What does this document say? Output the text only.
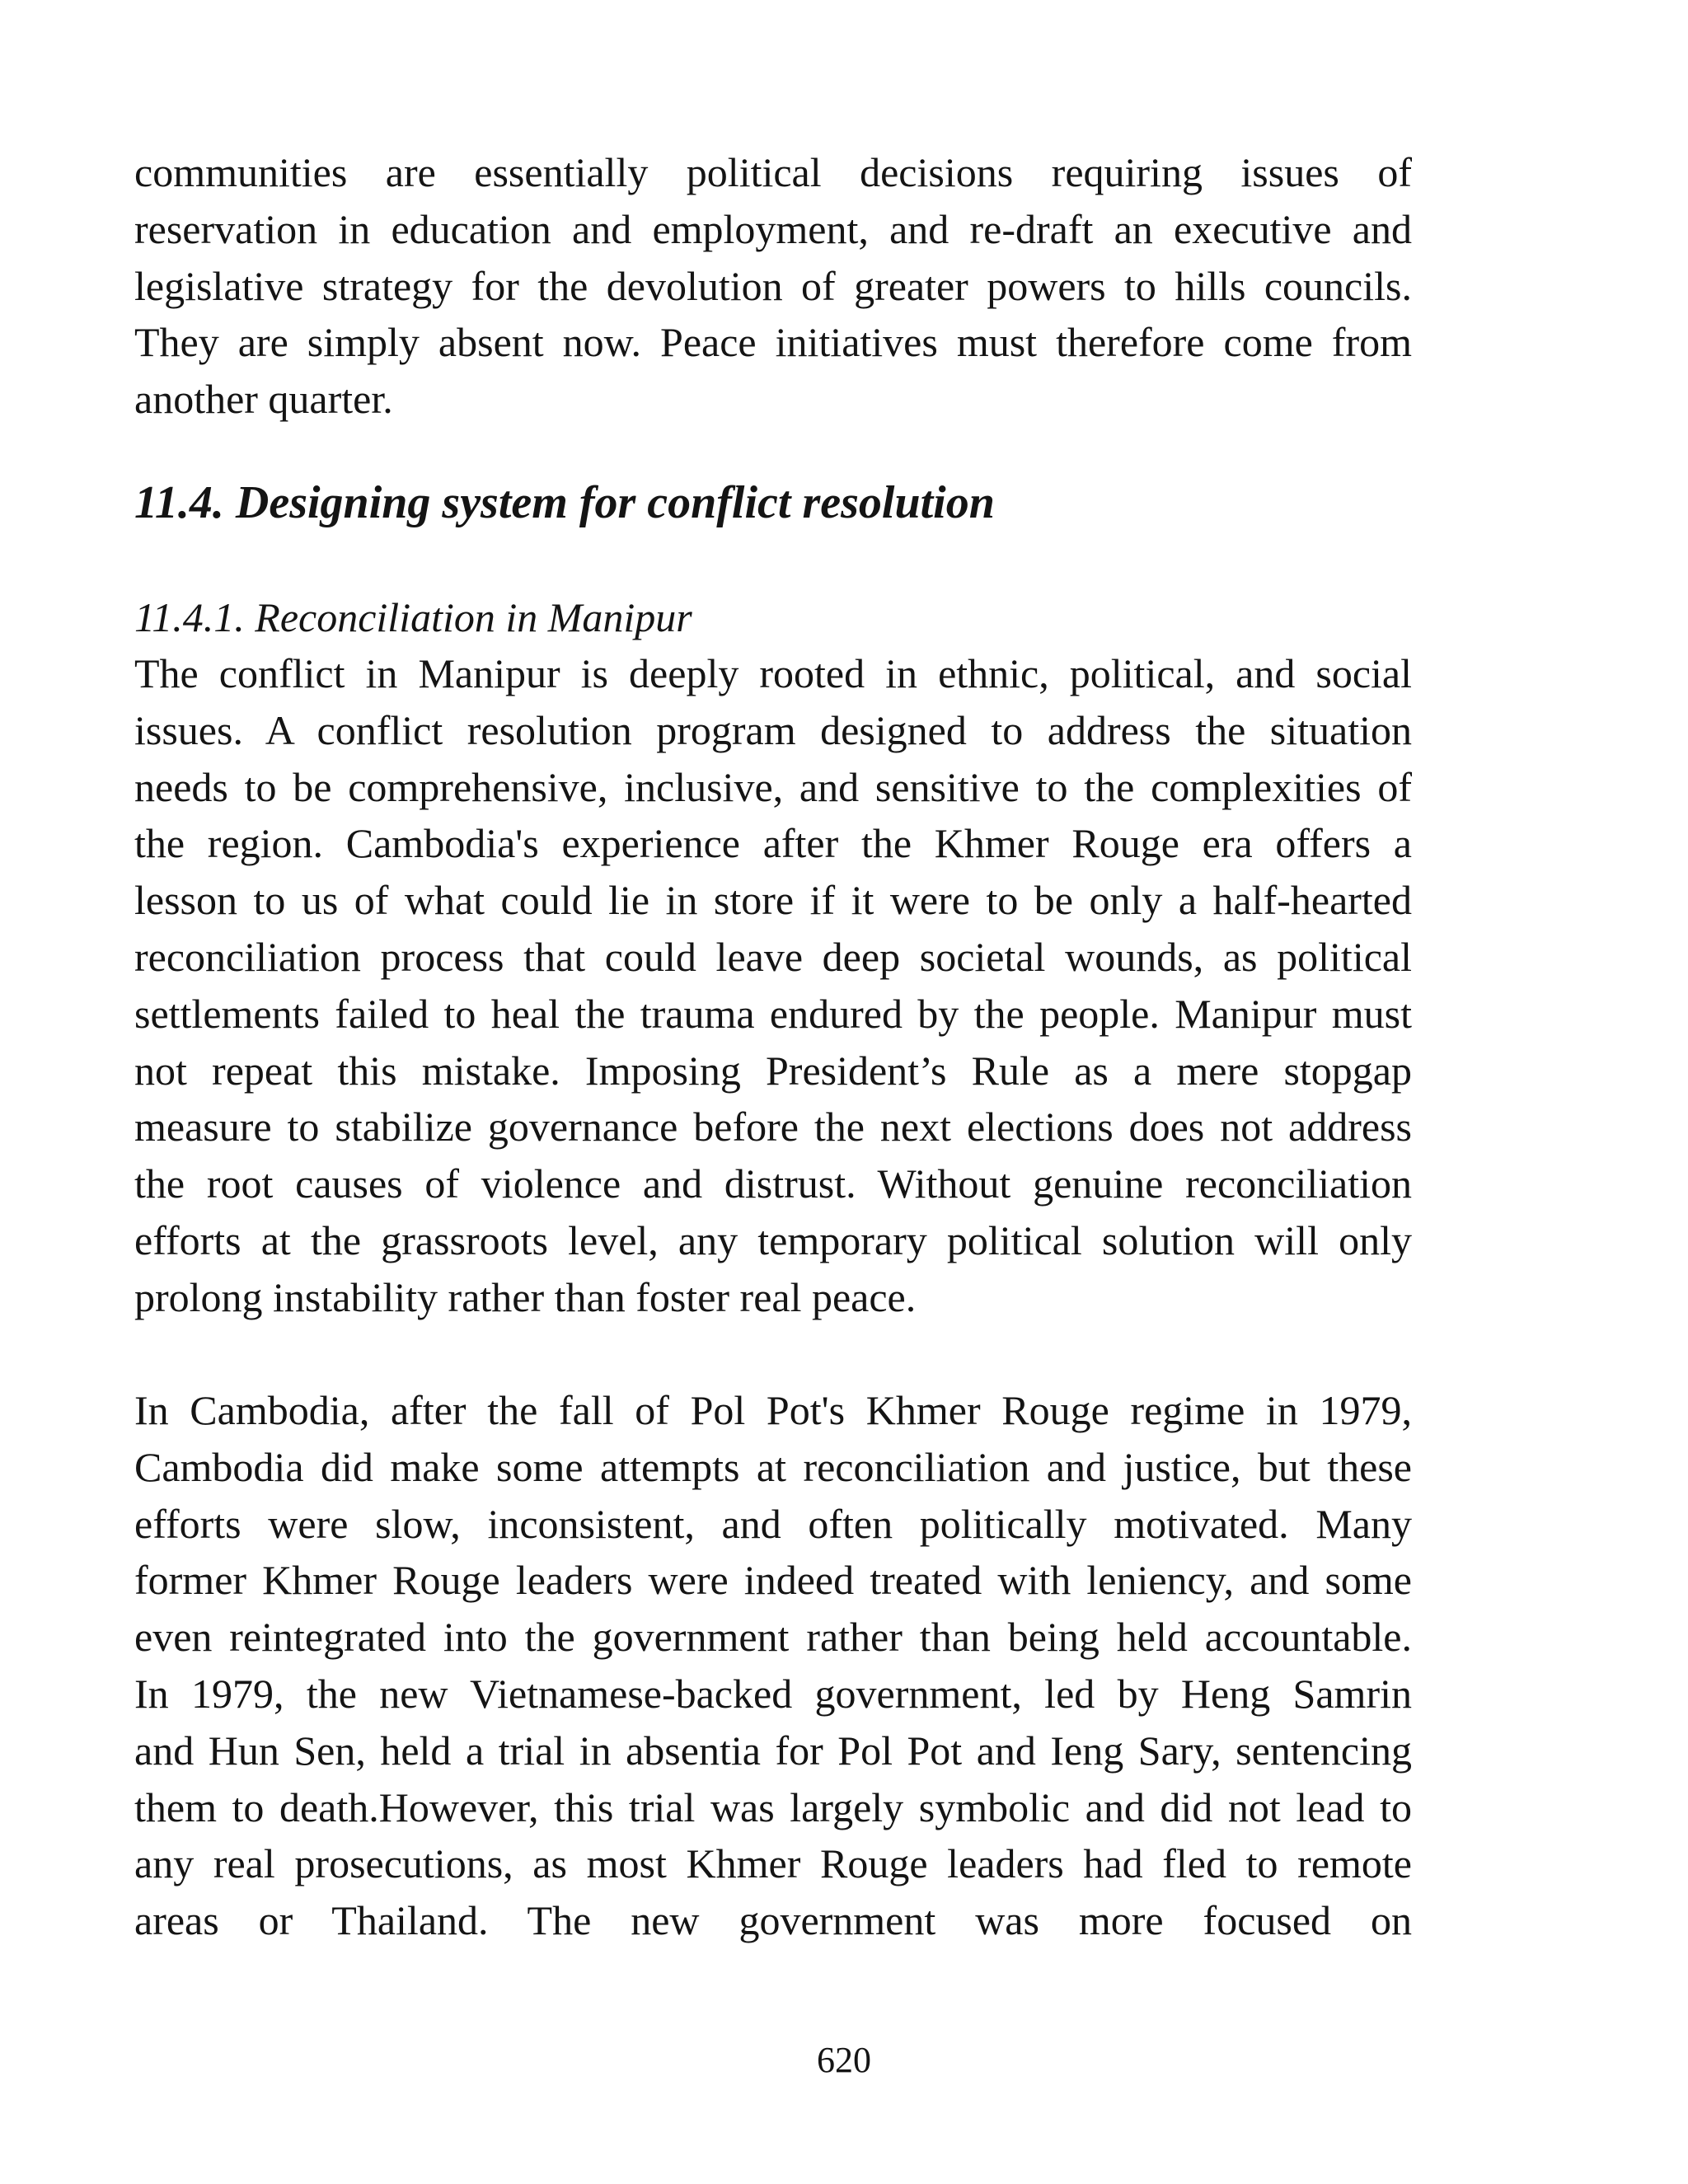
communities are essentially political decisions requiring issues of
reservation in education and employment, and re-draft an executive and
legislative strategy for the devolution of greater powers to hills councils.
They are simply absent now. Peace initiatives must therefore come from
another quarter.
11.4. Designing system for conflict resolution
11.4.1. Reconciliation in Manipur
The conflict in Manipur is deeply rooted in ethnic, political, and social
issues. A conflict resolution program designed to address the situation
needs to be comprehensive, inclusive, and sensitive to the complexities of
the region. Cambodia's experience after the Khmer Rouge era offers a
lesson to us of what could lie in store if it were to be only a half-hearted
reconciliation process that could leave deep societal wounds, as political
settlements failed to heal the trauma endured by the people. Manipur must
not repeat this mistake. Imposing President’s Rule as a mere stopgap
measure to stabilize governance before the next elections does not address
the root causes of violence and distrust. Without genuine reconciliation
efforts at the grassroots level, any temporary political solution will only
prolong instability rather than foster real peace.
In Cambodia, after the fall of Pol Pot's Khmer Rouge regime in 1979,
Cambodia did make some attempts at reconciliation and justice, but these
efforts were slow, inconsistent, and often politically motivated. Many
former Khmer Rouge leaders were indeed treated with leniency, and some
even reintegrated into the government rather than being held accountable.
In 1979, the new Vietnamese-backed government, led by Heng Samrin
and Hun Sen, held a trial in absentia for Pol Pot and Ieng Sary, sentencing
them to death.However, this trial was largely symbolic and did not lead to
any real prosecutions, as most Khmer Rouge leaders had fled to remote
areas or Thailand. The new government was more focused on
620
